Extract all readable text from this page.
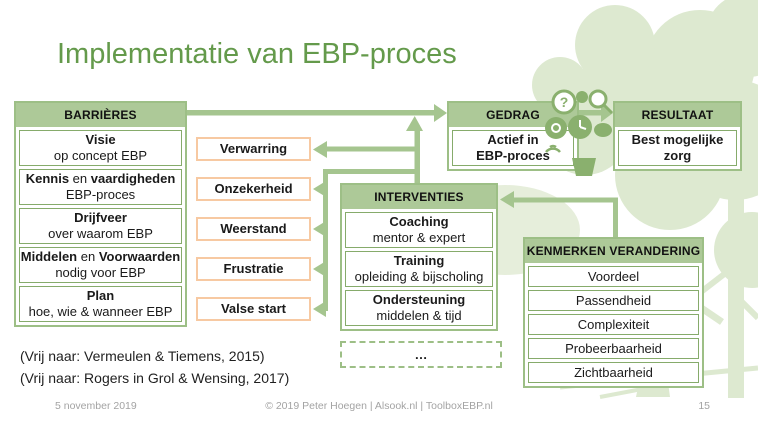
?
Implementatie van EBP-proces
BARRIÈRES
Visie
op concept EBP
Kennis en vaardigheden
EBP-proces
Drijfveer
over waarom EBP
Middelen en Voorwaarden
nodig voor EBP
Plan
hoe, wie & wanneer EBP
Verwarring
Onzekerheid
Weerstand
Frustratie
Valse start
GEDRAG
Actief in
EBP-proces
RESULTAAT
Best mogelijke
zorg
INTERVENTIES
Coaching
mentor & expert
Training
opleiding & bijscholing
Ondersteuning
middelen & tijd
…
KENMERKEN VERANDERING
Voordeel
Passendheid
Complexiteit
Probeerbaarheid
Zichtbaarheid
(Vrij naar: Vermeulen & Tiemens, 2015)
(Vrij naar: Rogers in Grol & Wensing, 2017)
5 november 2019	© 2019 Peter Hoegen | Alsook.nl | ToolboxEBP.nl	15
